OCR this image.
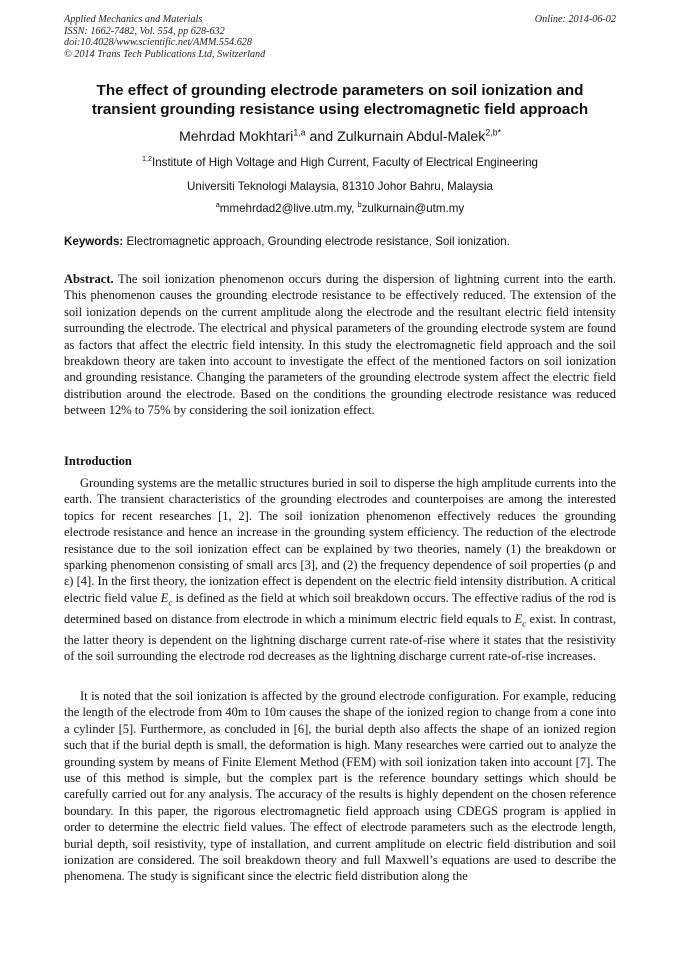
Applied Mechanics and Materials
ISSN: 1662-7482, Vol. 554, pp 628-632
doi:10.4028/www.scientific.net/AMM.554.628
© 2014 Trans Tech Publications Ltd, Switzerland
Online: 2014-06-02
The effect of grounding electrode parameters on soil ionization and
transient grounding resistance using electromagnetic field approach
Mehrdad Mokhtari$^{1,a}$ and Zulkurnain Abdul-Malek$^{2,b*}$
$^{1,2}$Institute of High Voltage and High Current, Faculty of Electrical Engineering
Universiti Teknologi Malaysia, 81310 Johor Bahru, Malaysia
$^a$mmehrdad2@live.utm.my, $^b$zulkurnain@utm.my
Keywords: Electromagnetic approach, Grounding electrode resistance, Soil ionization.
Abstract. The soil ionization phenomenon occurs during the dispersion of lightning current into the earth. This phenomenon causes the grounding electrode resistance to be effectively reduced. The extension of the soil ionization depends on the current amplitude along the electrode and the resultant electric field intensity surrounding the electrode. The electrical and physical parameters of the grounding electrode system are found as factors that affect the electric field intensity. In this study the electromagnetic field approach and the soil breakdown theory are taken into account to investigate the effect of the mentioned factors on soil ionization and grounding resistance. Changing the parameters of the grounding electrode system affect the electric field distribution around the electrode. Based on the conditions the grounding electrode resistance was reduced between 12% to 75% by considering the soil ionization effect.
Introduction
Grounding systems are the metallic structures buried in soil to disperse the high amplitude currents into the earth. The transient characteristics of the grounding electrodes and counterpoises are among the interested topics for recent researches [1, 2]. The soil ionization phenomenon effectively reduces the grounding electrode resistance and hence an increase in the grounding system efficiency. The reduction of the electrode resistance due to the soil ionization effect can be explained by two theories, namely (1) the breakdown or sparking phenomenon consisting of small arcs [3], and (2) the frequency dependence of soil properties (ρ and ε) [4]. In the first theory, the ionization effect is dependent on the electric field intensity distribution. A critical electric field value $E_c$ is defined as the field at which soil breakdown occurs. The effective radius of the rod is determined based on distance from electrode in which a minimum electric field equals to $E_c$ exist. In contrast, the latter theory is dependent on the lightning discharge current rate-of-rise where it states that the resistivity of the soil surrounding the electrode rod decreases as the lightning discharge current rate-of-rise increases.
It is noted that the soil ionization is affected by the ground electrode configuration. For example, reducing the length of the electrode from 40m to 10m causes the shape of the ionized region to change from a cone into a cylinder [5]. Furthermore, as concluded in [6], the burial depth also affects the shape of an ionized region such that if the burial depth is small, the deformation is high. Many researches were carried out to analyze the grounding system by means of Finite Element Method (FEM) with soil ionization taken into account [7]. The use of this method is simple, but the complex part is the reference boundary settings which should be carefully carried out for any analysis. The accuracy of the results is highly dependent on the chosen reference boundary. In this paper, the rigorous electromagnetic field approach using CDEGS program is applied in order to determine the electric field values. The effect of electrode parameters such as the electrode length, burial depth, soil resistivity, type of installation, and current amplitude on electric field distribution and soil ionization are considered. The soil breakdown theory and full Maxwell’s equations are used to describe the phenomena. The study is significant since the electric field distribution along the
